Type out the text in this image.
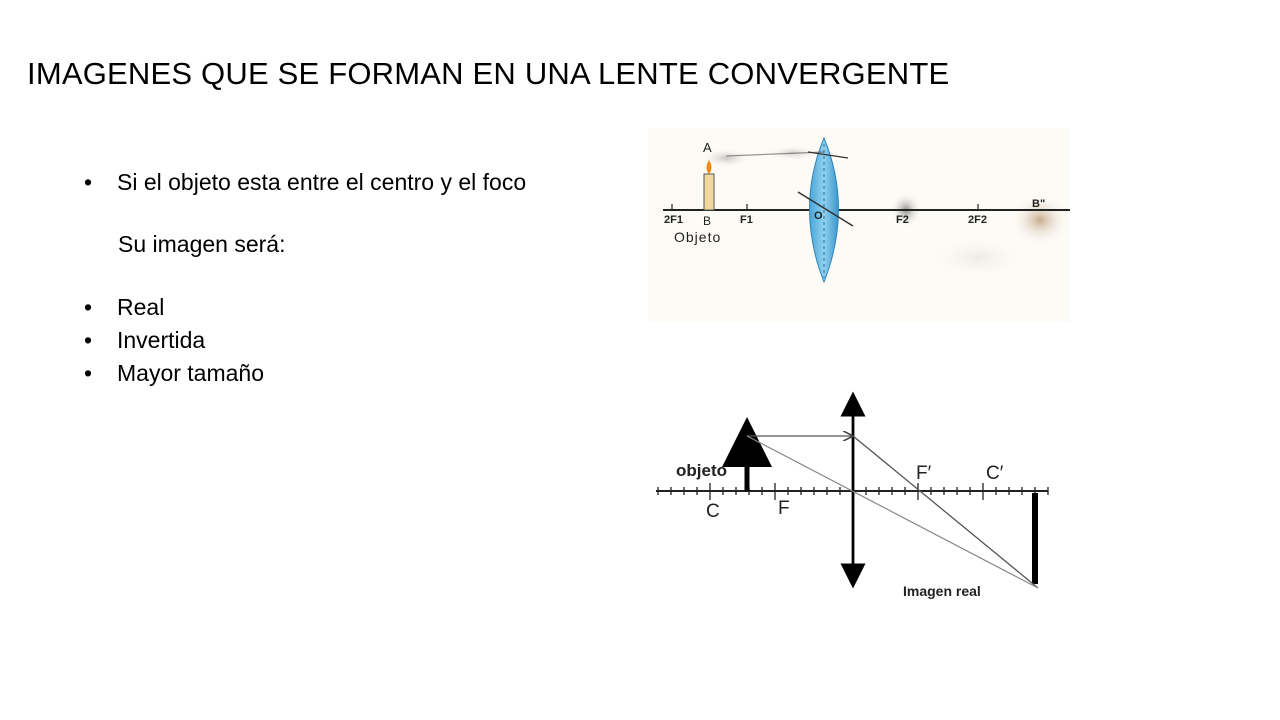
IMAGENES QUE SE FORMAN EN UNA LENTE CONVERGENTE
• Si el objeto esta entre el centro y el foco
Su imagen será:
• Real
• Invertida
• Mayor tamaño
A
2F1 B
Objeto
F1	O	F2	2F2
B"
objeto
C	F
F′	C′
Imagen real
